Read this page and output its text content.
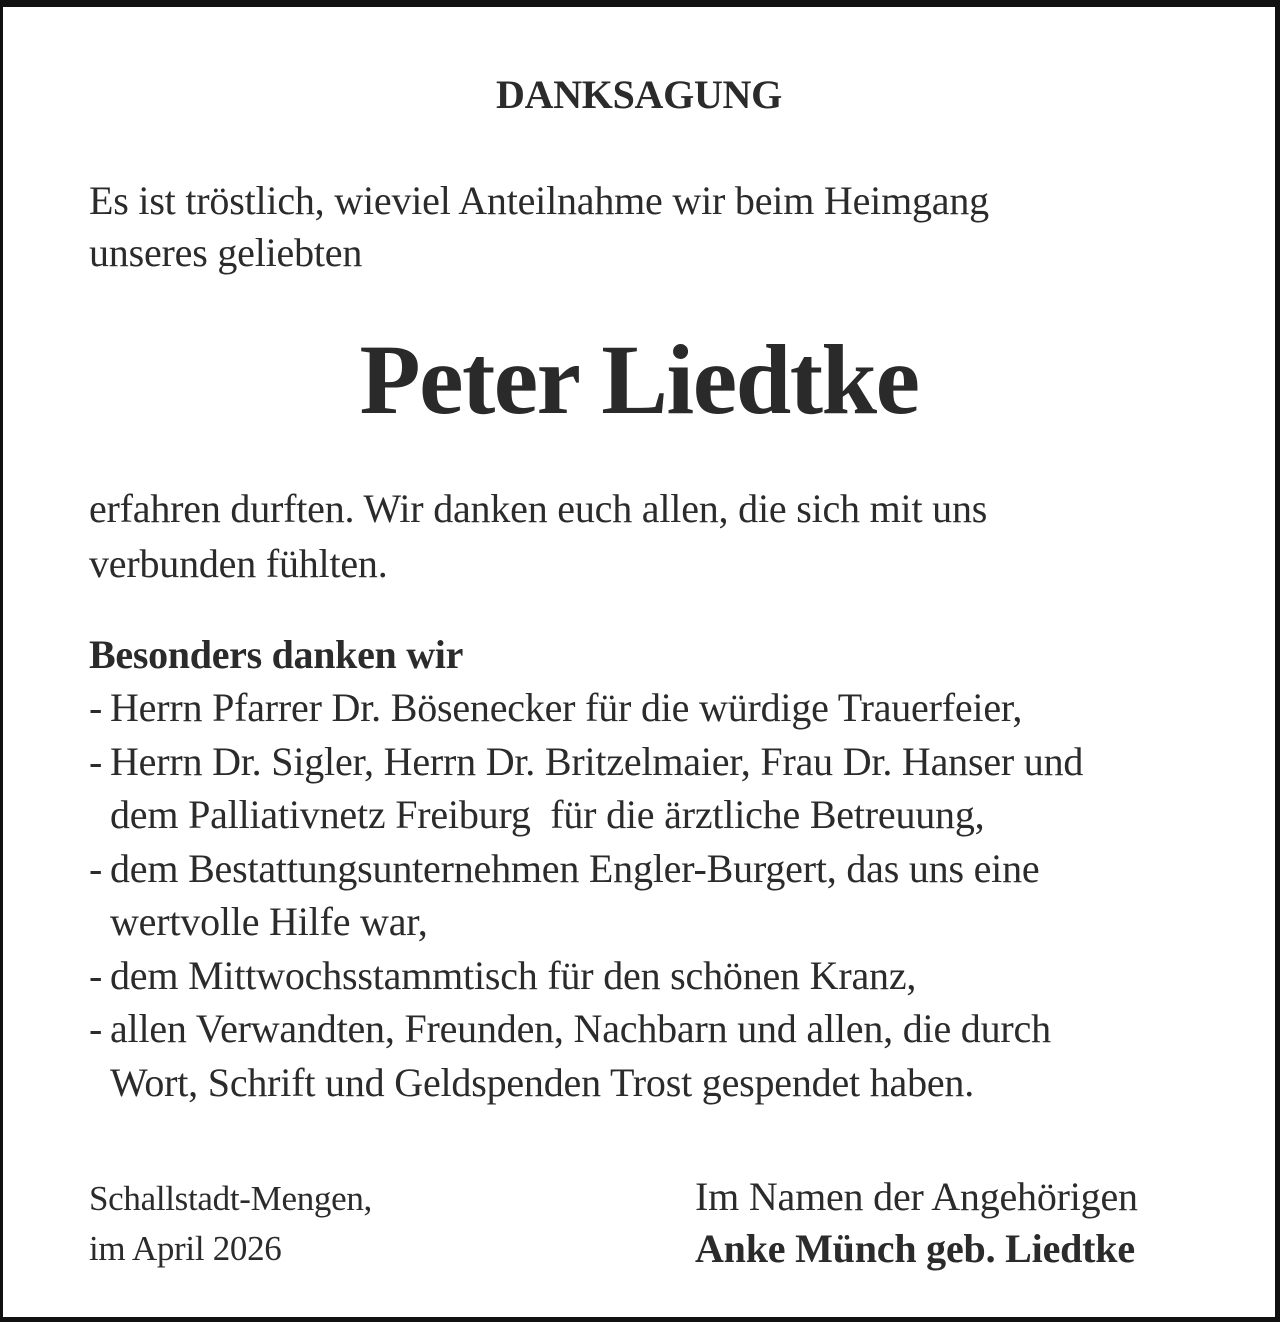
DANKSAGUNG
Es ist tröstlich, wieviel Anteilnahme wir beim Heimgang
unseres geliebten
Peter Liedtke
erfahren durften. Wir danken euch allen, die sich mit uns
verbunden fühlten.
Besonders danken wir
- Herrn Pfarrer Dr. Bösenecker für die würdige Trauerfeier,
- Herrn Dr. Sigler, Herrn Dr. Britzelmaier, Frau Dr. Hanser und
dem Palliativnetz Freiburg  für die ärztliche Betreuung,
- dem Bestattungsunternehmen Engler-Burgert, das uns eine
wertvolle Hilfe war,
- dem Mittwochsstammtisch für den schönen Kranz,
- allen Verwandten, Freunden, Nachbarn und allen, die durch
Wort, Schrift und Geldspenden Trost gespendet haben.
Schallstadt-Mengen,
im April 2026
Im Namen der Angehörigen
Anke Münch geb. Liedtke
